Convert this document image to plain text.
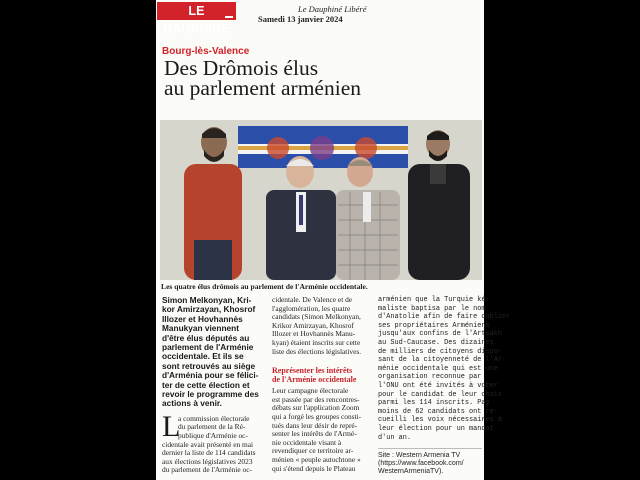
LE DAUPHINÉ
Le Dauphiné Libéré
Samedi 13 janvier 2024
Bourg-lès-Valence
Des Drômois élus
au parlement arménien
Les quatre élus drômois au parlement de l'Arménie occidentale.
Simon Melkonyan, Kri-
kor Amirzayan, Khosrof
Illozer et Hovhannès
Manukyan viennent
d'être élus députés au
parlement de l'Arménie
occidentale. Et ils se
sont retrouvés au siège
d'Arménia pour se félici-
ter de cette élection et
revoir le programme des
actions à venir.
L
a commission électorale
du parlement de la Ré-
publique d'Arménie oc-
cidentale avait présenté en mai
dernier la liste de 114 candidats
aux élections législatives 2023
du parlement de l'Arménie oc-
cidentale. De Valence et de
l'agglomération, les quatre
candidats (Simon Melkonyan,
Krikor Amirzayan, Khosrof
Illozer et Hovhannès Manu-
kyan) étaient inscrits sur cette
liste des élections législatives.
Représenter les intérêts
de l'Arménie occidentale
Leur campagne électorale
est passée par des rencontres-
débats sur l'application Zoom
qui a forgé les groupes consti-
tués dans leur désir de repré-
senter les intérêts de l'Armé-
nie occidentale visant à
revendiquer ce territoire ar-
ménien « peuple autochtone »
qui s'étend depuis le Plateau
arménien que la Turquie ké-
maliste baptisa par le nom
d'Anatolie afin de faire oublier
ses propriétaires Arméniens
jusqu'aux confins de l'Artsakh
au Sud-Caucase. Des dizaines
de milliers de citoyens dispo-
sant de la citoyenneté de l'Ar-
ménie occidentale qui est une
organisation reconnue par
l'ONU ont été invités à voter
pour le candidat de leur choix
parmi les 114 inscrits. Pas
moins de 62 candidats ont re-
cueilli les voix nécessaires à
leur élection pour un mandat
d'un an.
Site : Western Armenia TV
(https://www.facebook.com/
WesternArmeniaTV).
